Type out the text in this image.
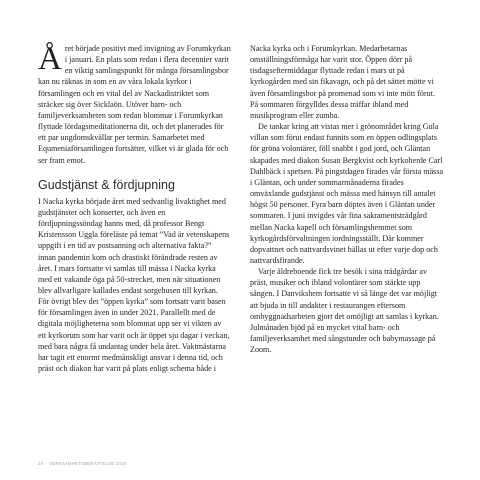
Året började positivt med invigning av Forumkyrkan i januari. En plats som redan i flera decennier varit en viktig samlingspunkt för många församlingsbor kan nu räknas in som en av våra lokala kyrkor i församlingen och en vital del av Nackadistriktet som sträcker sig över Sicklaön. Utöver barn- och familjeverksamheten som redan blommar i Forumkyrkan flyttade lördagsmeditationerna dit, och det planerades för ett par ungdomskvällar per termin. Samarbetet med Equmeniaförsamlingen fortsätter, vilket vi är glada för och ser fram emot.

Gudstjänst & fördjupning

I Nacka kyrka började året med sedvanlig livaktighet med gudstjänster och konserter, och även en fördjupningssöndag hanns med, då professor Bengt Kristensson Uggla föreläste på temat ”Vad är vetenskapens uppgift i en tid av postsanning och alternativa fakta?” innan pandemin kom och drastiskt förändrade resten av året. I mars fortsatte vi samlas till mässa i Nacka kyrka med ett vakande öga på 50-strecket, men när situationen blev allvarligare kallades endast sorgehusen till kyrkan. För övrigt blev det ”öppen kyrka” som fortsatt varit basen för församlingen även in under 2021. Parallellt med de digitala möjligheterna som blommat upp ser vi vikten av ett kyrkorum som har varit och är öppet sju dagar i veckan, med bara några få undantag under hela året. Vaktmästarna har tagit ett enormt medmänskligt ansvar i denna tid, och präst och diakon har varit på plats enligt schema både i

Nacka kyrka och i Forumkyrkan. Medarbetarnas omställningsförmåga har varit stor. Öppen dörr på tisdagseftermiddagar flyttade redan i mars ut på kyrkogården med sin fikavagn, och på det sättet mötte vi även församlingsbor på promenad som vi inte mött förut. På sommaren förgylldes dessa träffar ibland med musikprogram eller zumba.

De tankar kring att vistas mer i grönområdet kring Gula villan som förut endast funnits som en öppen odlingsplats för gröna volontärer, föll snabbt i god jord, och Gläntan skapades med diakon Susan Bergkvist och kyrkoherde Carl Dahlbäck i spetsen. På pingstdagen firades vår första mässa i Gläntan, och under sommarmånaderna firades omväxlande gudstjänst och mässa med hänsyn till antalet högst 50 personer. Fyra barn döptes även i Gläntan under sommaren. I juni invigdes vår fina sakramentsträdgård mellan Nacka kapell och församlingshemmet som kyrkogårdsförvaltningen iordningsställt. Där kommer dopvattnet och nattvardsvinet hällas ut efter varje dop och nattvardsfirande.

Varje äldreboende fick tre besök i sina trädgårdar av präst, musiker och ibland volontärer som stärkte upp sången. I Danvikshem fortsatte vi så länge det var möjligt att bjuda in till andakter i restaurangen eftersom ombyggnadsarbeten gjort det omöjligt att samlas i kyrkan. Julmånaden bjöd på en mycket vital barn- och familjeverksamhet med sångstunder och babymassage på Zoom.

20 VERKSAMHETSBERÄTTELSE 2020
